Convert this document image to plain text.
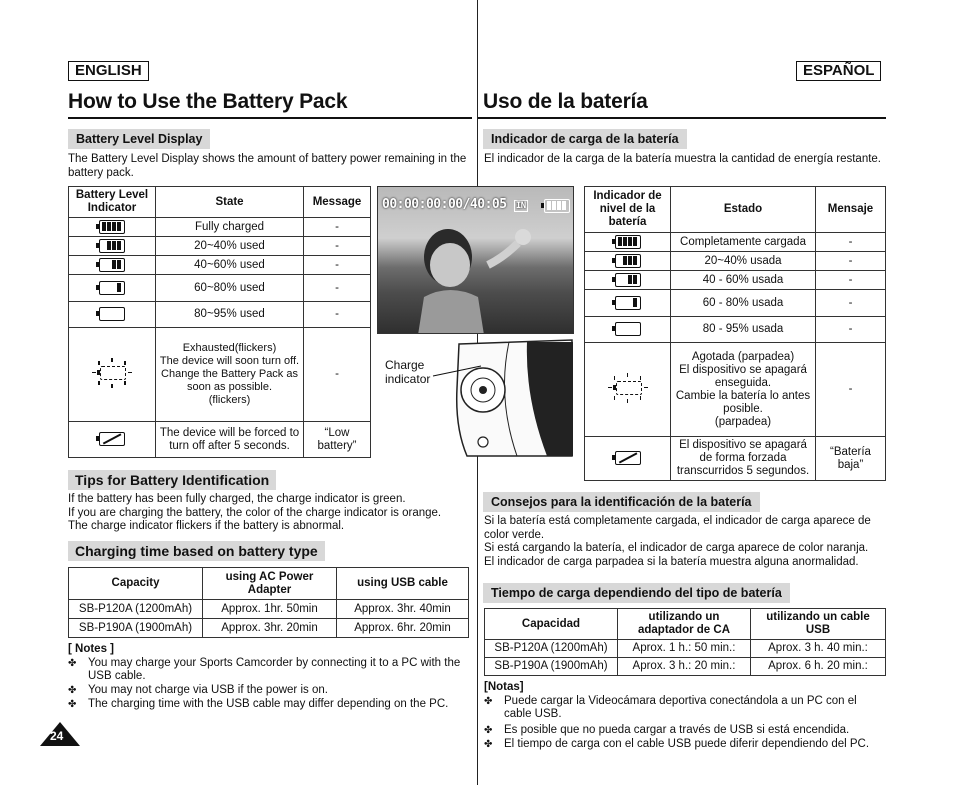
ENGLISH
How to Use the Battery Pack
Battery Level Display
The Battery Level Display shows the amount of battery power remaining in the battery pack.
Battery Level Indicator	State	Message

	Fully charged	-

	20~40% used	-

	40~60% used	-

	60~80% used	-
	80~95% used	-

	Exhausted(flickers)
The device will soon turn off.
Change the Battery Pack as soon as possible.
(flickers)	-
	The device will be forced to turn off after 5 seconds.	“Low battery”
Tips for Battery Identification
If the battery has been fully charged, the charge indicator is green.
If you are charging the battery, the color of the charge indicator is orange.
The charge indicator flickers if the battery is abnormal.
Charging time based on battery type
Capacity	using AC Power Adapter	using USB cable
SB-P120A (1200mAh)	Approx. 1hr. 50min	Approx. 3hr. 40min
SB-P190A (1900mAh)	Approx. 3hr. 20min	Approx. 6hr. 20min
[ Notes ]
✤ You may charge your Sports Camcorder by connecting it to a PC with the USB cable.
✤ You may not charge via USB if the power is on.
✤ The charging time with the USB cable may differ depending on the PC.
00:00:00:00/40:05 IN
Charge indicator
ESPAÑOL
Uso de la batería
Indicador de carga de la batería
El indicador de la carga de la batería muestra la cantidad de energía restante.
Indicador de nivel de la batería	Estado	Mensaje

	Completamente cargada	-

	20~40% usada	-

	40 - 60% usada	-

	60 - 80% usada	-
	80 - 95% usada	-

	Agotada (parpadea)
El dispositivo se apagará enseguida.
Cambie la batería lo antes posible.
(parpadea)	-
	El dispositivo se apagará de forma forzada transcurridos 5 segundos.	“Batería baja”
Consejos para la identificación de la batería
Si la batería está completamente cargada, el indicador de carga aparece de color verde.
Si está cargando la batería, el indicador de carga aparece de color naranja.
El indicador de carga parpadea si la batería muestra alguna anormalidad.
Tiempo de carga dependiendo del tipo de batería
Capacidad	utilizando un adaptador de CA	utilizando un cable USB
SB-P120A (1200mAh)	Aprox. 1 h.: 50 min.:	Aprox. 3 h. 40 min.:
SB-P190A (1900mAh)	Aprox. 3 h.: 20 min.:	Aprox. 6 h. 20 min.:
[Notas]
✤ Puede cargar la Videocámara deportiva conectándola a un PC con el cable USB.
✤ Es posible que no pueda cargar a través de USB si está encendida.
✤ El tiempo de carga con el cable USB puede diferir dependiendo del PC.
24
